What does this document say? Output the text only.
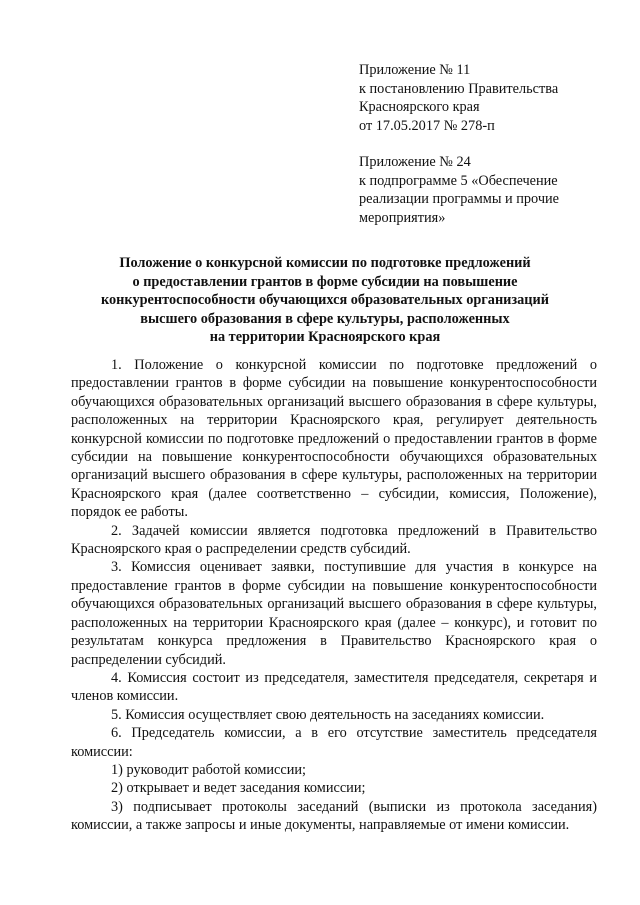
Приложение № 11
к постановлению Правительства
Красноярского края
от 17.05.2017 № 278-п
Приложение № 24
к подпрограмме 5 «Обеспечение
реализации программы и прочие
мероприятия»
Положение о конкурсной комиссии по подготовке предложений
о предоставлении грантов в форме субсидии на повышение
конкурентоспособности обучающихся образовательных организаций
высшего образования в сфере культуры, расположенных
на территории Красноярского края

1. Положение о конкурсной комиссии по подготовке предложений о предоставлении грантов в форме субсидии на повышение конкурентоспособности обучающихся образовательных организаций высшего образования в сфере культуры, расположенных на территории Красноярского края, регулирует деятельность конкурсной комиссии по подготовке предложений о предоставлении грантов в форме субсидии на повышение конкурентоспособности обучающихся образовательных организаций высшего образования в сфере культуры, расположенных на территории Красноярского края (далее соответственно – субсидии, комиссия, Положение), порядок ее работы.

2. Задачей комиссии является подготовка предложений в Правительство Красноярского края о распределении средств субсидий.

3. Комиссия оценивает заявки, поступившие для участия в конкурсе на предоставление грантов в форме субсидии на повышение конкурентоспособности обучающихся образовательных организаций высшего образования в сфере культуры, расположенных на территории Красноярского края (далее – конкурс), и готовит по результатам конкурса предложения в Правительство Красноярского края о распределении субсидий.

4. Комиссия состоит из председателя, заместителя председателя, секретаря и членов комиссии.

5. Комиссия осуществляет свою деятельность на заседаниях комиссии.

6. Председатель комиссии, а в его отсутствие заместитель председателя комиссии:

1) руководит работой комиссии;

2) открывает и ведет заседания комиссии;

3) подписывает протоколы заседаний (выписки из протокола заседания) комиссии, а также запросы и иные документы, направляемые от имени комиссии.
